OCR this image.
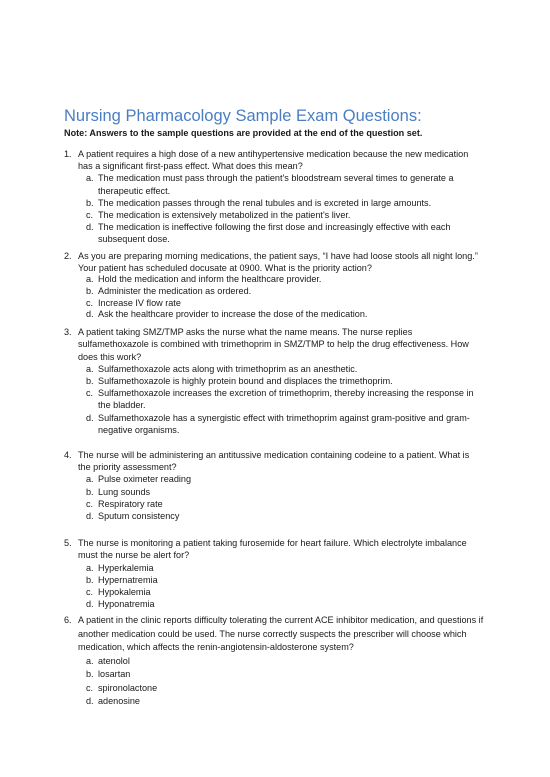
Nursing Pharmacology Sample Exam Questions:
Note: Answers to the sample questions are provided at the end of the question set.
1. A patient requires a high dose of a new antihypertensive medication because the new medication has a significant first-pass effect. What does this mean?
a. The medication must pass through the patient's bloodstream several times to generate a therapeutic effect.
b. The medication passes through the renal tubules and is excreted in large amounts.
c. The medication is extensively metabolized in the patient's liver.
d. The medication is ineffective following the first dose and increasingly effective with each subsequent dose.
2. As you are preparing morning medications, the patient says, “I have had loose stools all night long.” Your patient has scheduled docusate at 0900. What is the priority action?
a. Hold the medication and inform the healthcare provider.
b. Administer the medication as ordered.
c. Increase IV flow rate
d. Ask the healthcare provider to increase the dose of the medication.
3. A patient taking SMZ/TMP asks the nurse what the name means. The nurse replies sulfamethoxazole is combined with trimethoprim in SMZ/TMP to help the drug effectiveness. How does this work?
a. Sulfamethoxazole acts along with trimethoprim as an anesthetic.
b. Sulfamethoxazole is highly protein bound and displaces the trimethoprim.
c. Sulfamethoxazole increases the excretion of trimethoprim, thereby increasing the response in the bladder.
d. Sulfamethoxazole has a synergistic effect with trimethoprim against gram-positive and gram-negative organisms.
4. The nurse will be administering an antitussive medication containing codeine to a patient. What is the priority assessment?
a. Pulse oximeter reading
b. Lung sounds
c. Respiratory rate
d. Sputum consistency
5. The nurse is monitoring a patient taking furosemide for heart failure. Which electrolyte imbalance must the nurse be alert for?
a. Hyperkalemia
b. Hypernatremia
c. Hypokalemia
d. Hyponatremia
6. A patient in the clinic reports difficulty tolerating the current ACE inhibitor medication, and questions if another medication could be used. The nurse correctly suspects the prescriber will choose which medication, which affects the renin-angiotensin-aldosterone system?
a. atenolol
b. losartan
c. spironolactone
d. adenosine
